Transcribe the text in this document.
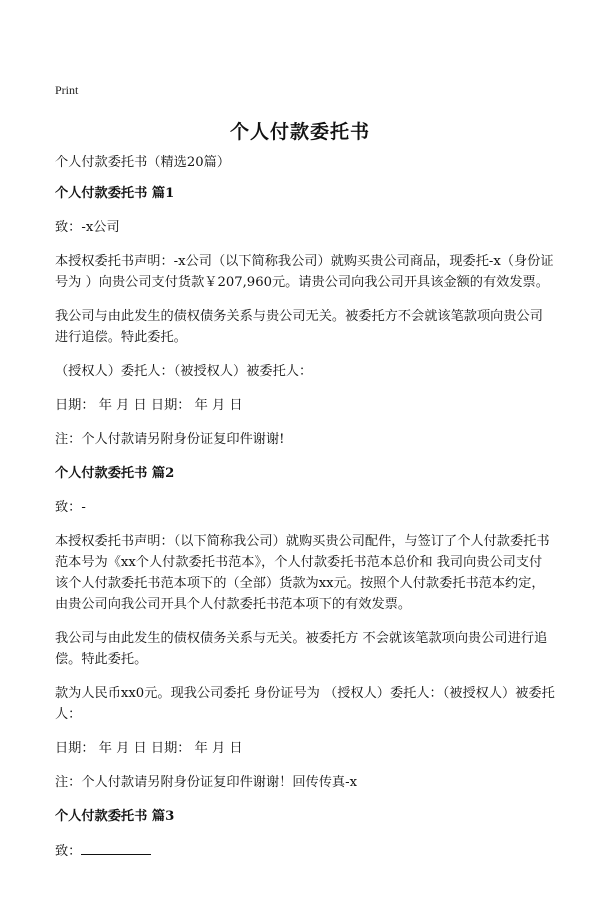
Print
个人付款委托书

个人付款委托书（精选20篇）

个人付款委托书 篇1

致：-x公司

本授权委托书声明：-x公司（以下简称我公司）就购买贵公司商品，现委托-x（身份证号为 ）向贵公司支付货款￥207,960元。请贵公司向我公司开具该金额的有效发票。

我公司与由此发生的债权债务关系与贵公司无关。被委托方不会就该笔款项向贵公司进行追偿。特此委托。

（授权人）委托人：（被授权人）被委托人：

日期： 年 月 日 日期： 年 月 日

注：个人付款请另附身份证复印件谢谢!

个人付款委托书 篇2

致：-

本授权委托书声明：（以下简称我公司）就购买贵公司配件，与签订了个人付款委托书范本号为《xx个人付款委托书范本》，个人付款委托书范本总价和 我司向贵公司支付该个人付款委托书范本项下的（全部）货款为xx元。按照个人付款委托书范本约定，由贵公司向我公司开具个人付款委托书范本项下的有效发票。

我公司与由此发生的债权债务关系与无关。被委托方 不会就该笔款项向贵公司进行追偿。特此委托。

款为人民币xx0元。现我公司委托 身份证号为 （授权人）委托人：（被授权人）被委托人：

日期： 年 月 日 日期： 年 月 日

注：个人付款请另附身份证复印件谢谢！回传传真-x

个人付款委托书 篇3

致：
